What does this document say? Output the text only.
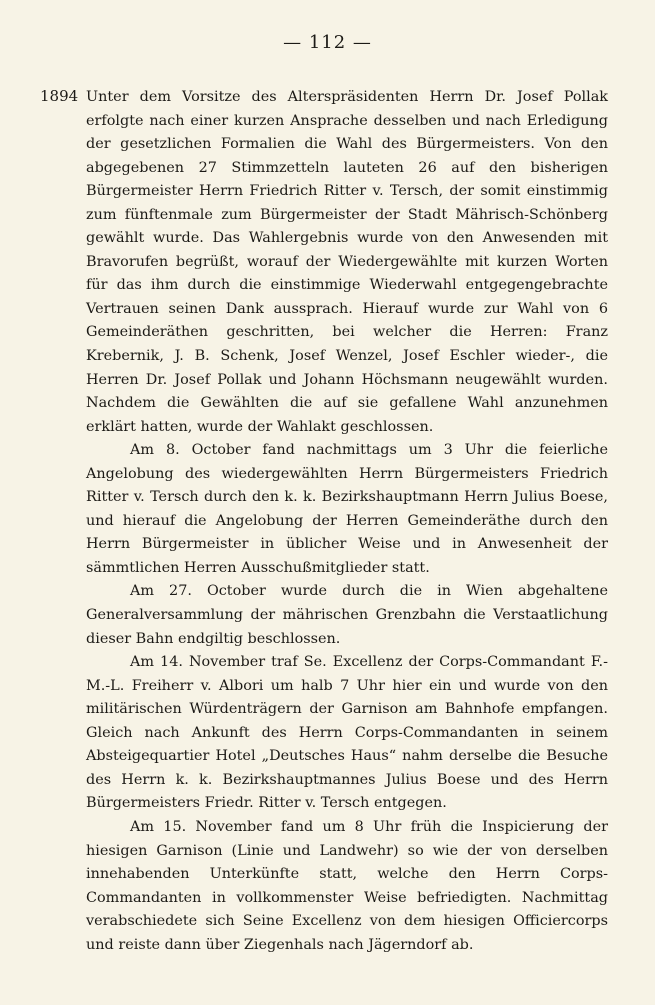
— 112 —
1894 Unter dem Vorsitze des Alterspräsidenten Herrn Dr. Josef Pollak erfolgte nach einer kurzen Ansprache desselben und nach Erledigung der gesetzlichen Formalien die Wahl des Bürgermeisters. Von den abgegebenen 27 Stimmzetteln lauteten 26 auf den bisherigen Bürgermeister Herrn Friedrich Ritter v. Tersch, der somit einstimmig zum fünftenmale zum Bürgermeister der Stadt Mährisch-Schönberg gewählt wurde. Das Wahlergebnis wurde von den Anwesenden mit Bravorufen begrüßt, worauf der Wiedergewählte mit kurzen Worten für das ihm durch die einstimmige Wiederwahl entgegengebrachte Vertrauen seinen Dank aussprach. Hierauf wurde zur Wahl von 6 Gemeinderäthen geschritten, bei welcher die Herren: Franz Krebernik, J. B. Schenk, Josef Wenzel, Josef Eschler wieder-, die Herren Dr. Josef Pollak und Johann Höchsmann neugewählt wurden. Nachdem die Gewählten die auf sie gefallene Wahl anzunehmen erklärt hatten, wurde der Wahlakt geschlossen.

Am 8. October fand nachmittags um 3 Uhr die feierliche Angelobung des wiedergewählten Herrn Bürgermeisters Friedrich Ritter v. Tersch durch den k. k. Bezirkshauptmann Herrn Julius Boese, und hierauf die Angelobung der Herren Gemeinderäthe durch den Herrn Bürgermeister in üblicher Weise und in Anwesenheit der sämmtlichen Herren Ausschußmitglieder statt.

Am 27. October wurde durch die in Wien abgehaltene Generalversammlung der mährischen Grenzbahn die Verstaatlichung dieser Bahn endgiltig beschlossen.

Am 14. November traf Se. Excellenz der Corps-Commandant F.-M.-L. Freiherr v. Albori um halb 7 Uhr hier ein und wurde von den militärischen Würdenträgern der Garnison am Bahnhofe empfangen. Gleich nach Ankunft des Herrn Corps-Commandanten in seinem Absteigequartier Hotel „Deutsches Haus“ nahm derselbe die Besuche des Herrn k. k. Bezirkshauptmannes Julius Boese und des Herrn Bürgermeisters Friedr. Ritter v. Tersch entgegen.

Am 15. November fand um 8 Uhr früh die Inspicierung der hiesigen Garnison (Linie und Landwehr) so wie der von derselben innehabenden Unterkünfte statt, welche den Herrn Corps-Commandanten in vollkommenster Weise befriedigten. Nachmittag verabschiedete sich Seine Excellenz von dem hiesigen Officiercorps und reiste dann über Ziegenhals nach Jägerndorf ab.
